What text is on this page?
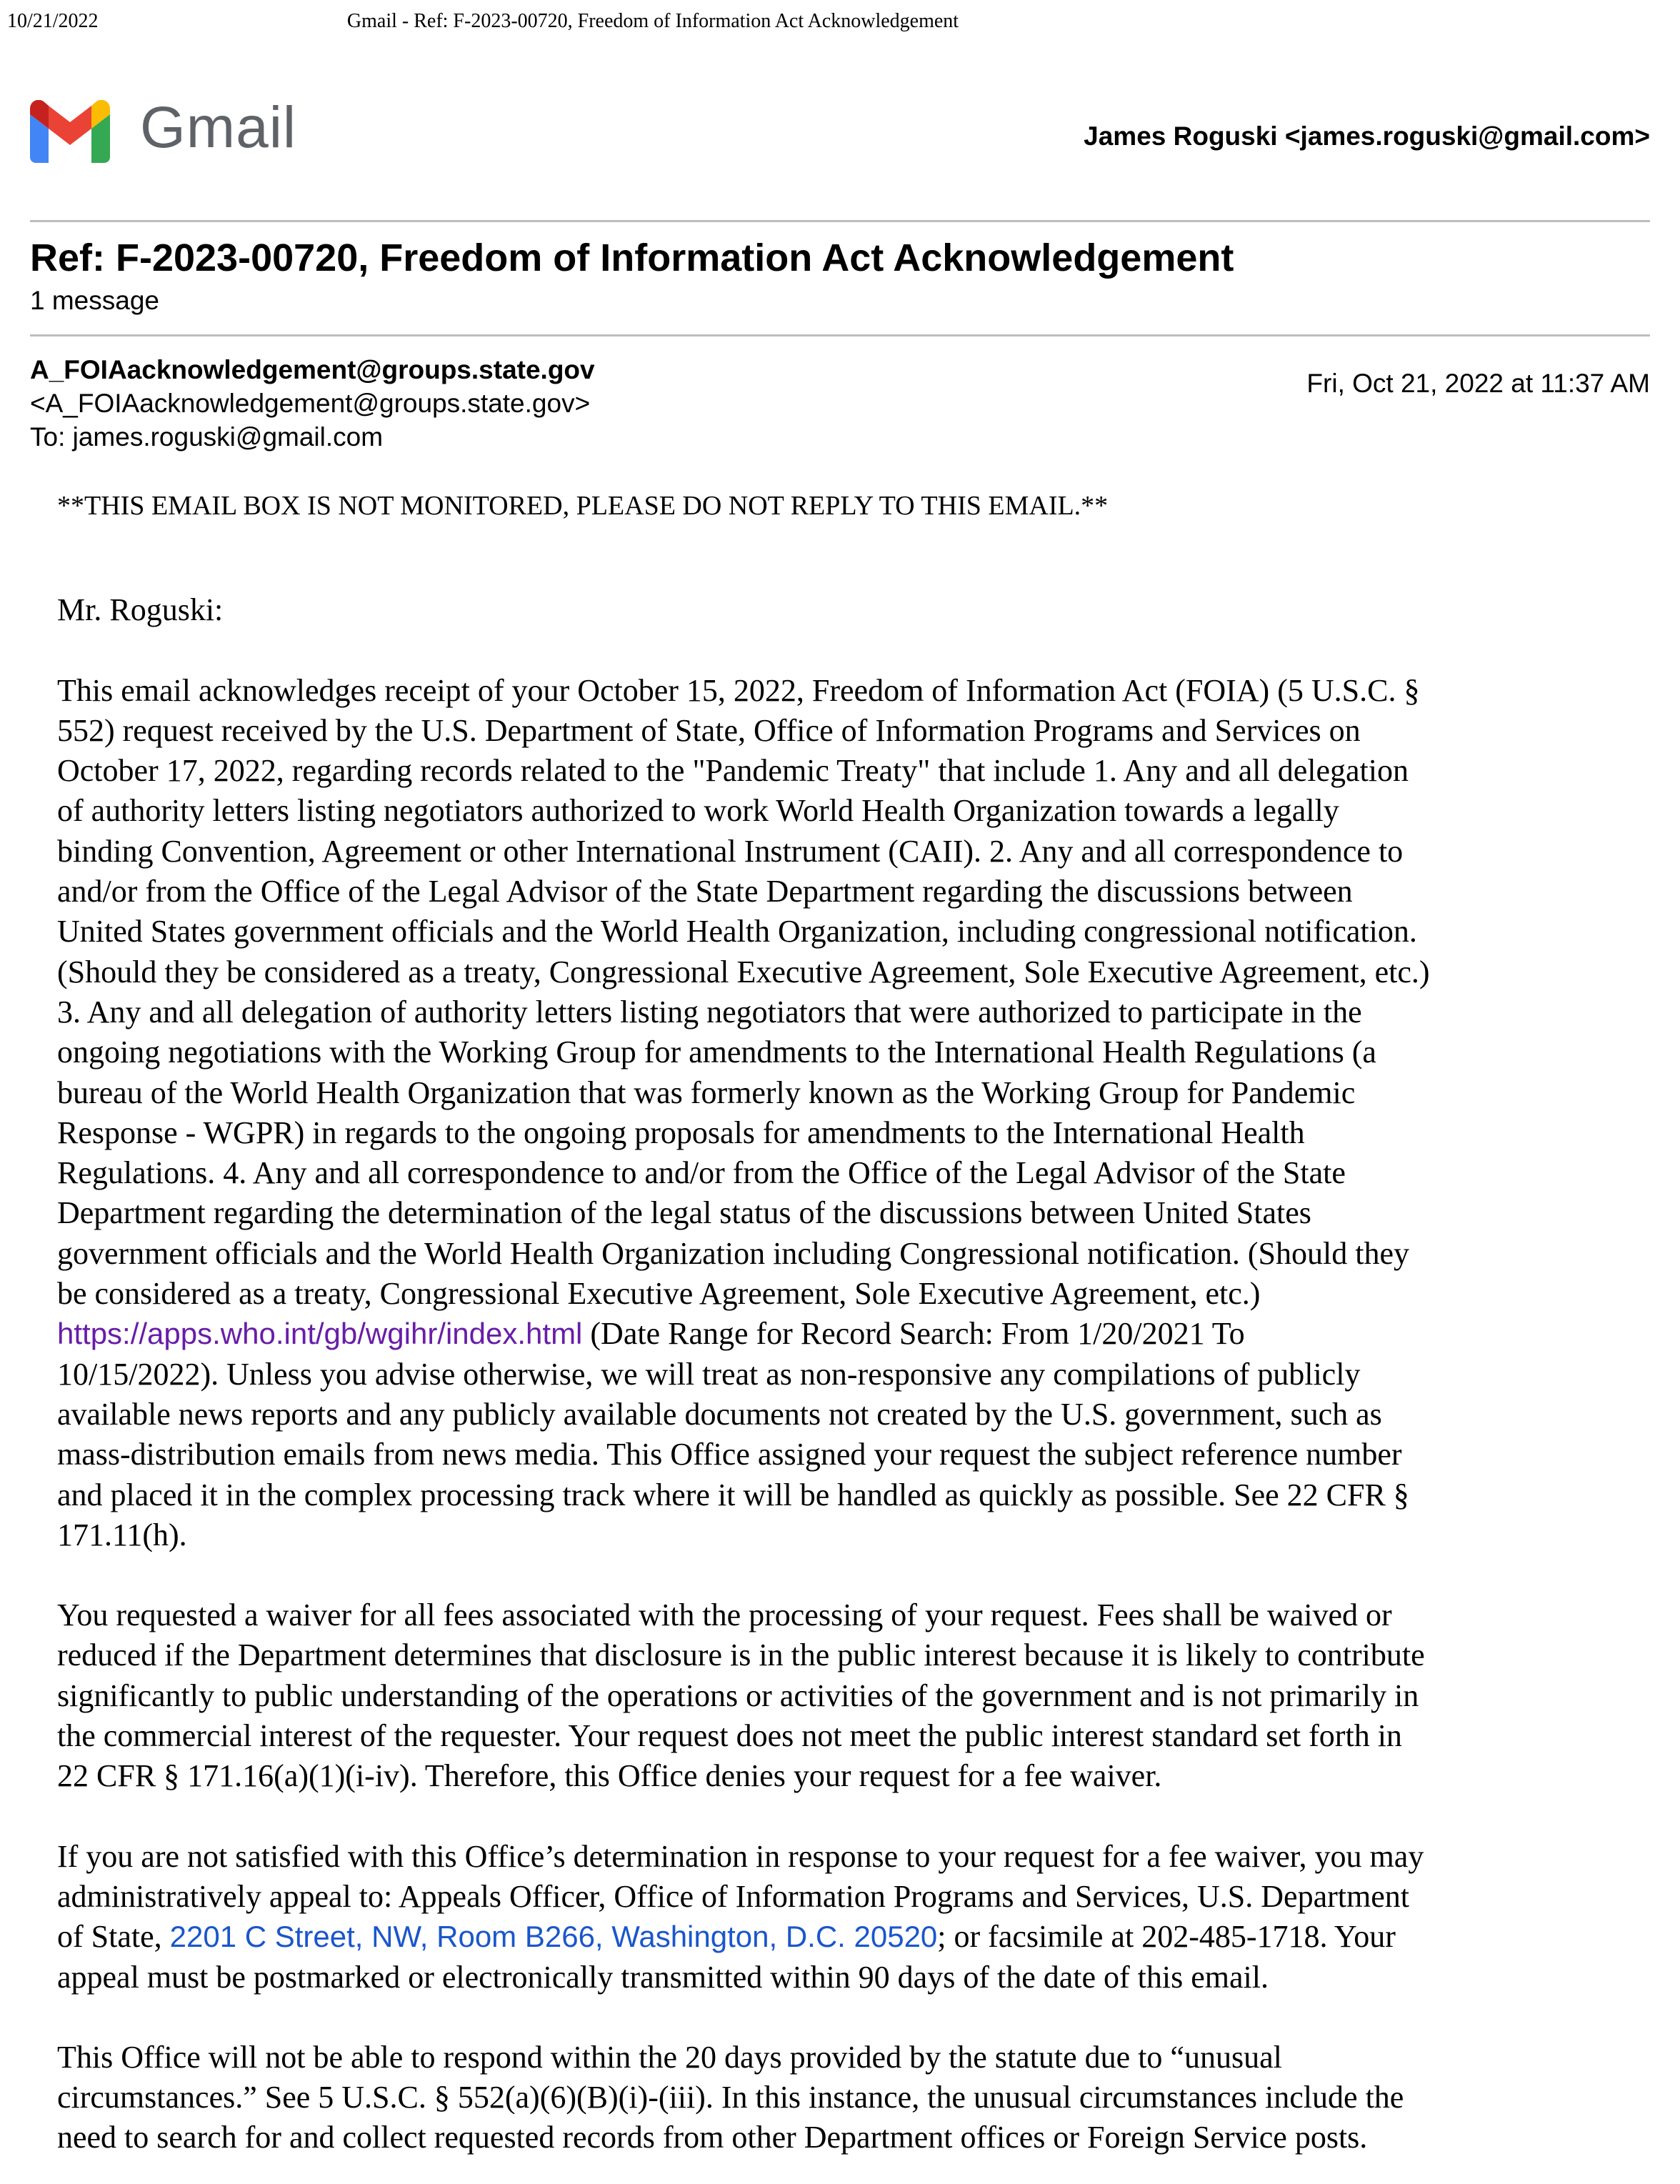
10/21/2022	Gmail - Ref: F-2023-00720, Freedom of Information Act Acknowledgement
Gmail	James Roguski <james.roguski@gmail.com>
Ref: F-2023-00720, Freedom of Information Act Acknowledgement
1 message
A_FOIAacknowledgement@groups.state.gov
<A_FOIAacknowledgement@groups.state.gov>
To: james.roguski@gmail.com
Fri, Oct 21, 2022 at 11:37 AM

**THIS EMAIL BOX IS NOT MONITORED, PLEASE DO NOT REPLY TO THIS EMAIL.**

Mr. Roguski:

This email acknowledges receipt of your October 15, 2022, Freedom of Information Act (FOIA) (5 U.S.C. §
552) request received by the U.S. Department of State, Office of Information Programs and Services on
October 17, 2022, regarding records related to the "Pandemic Treaty" that include 1. Any and all delegation
of authority letters listing negotiators authorized to work World Health Organization towards a legally
binding Convention, Agreement or other International Instrument (CAII). 2. Any and all correspondence to
and/or from the Office of the Legal Advisor of the State Department regarding the discussions between
United States government officials and the World Health Organization, including congressional notification.
(Should they be considered as a treaty, Congressional Executive Agreement, Sole Executive Agreement, etc.)
3. Any and all delegation of authority letters listing negotiators that were authorized to participate in the
ongoing negotiations with the Working Group for amendments to the International Health Regulations (a
bureau of the World Health Organization that was formerly known as the Working Group for Pandemic
Response - WGPR) in regards to the ongoing proposals for amendments to the International Health
Regulations. 4. Any and all correspondence to and/or from the Office of the Legal Advisor of the State
Department regarding the determination of the legal status of the discussions between United States
government officials and the World Health Organization including Congressional notification. (Should they
be considered as a treaty, Congressional Executive Agreement, Sole Executive Agreement, etc.)
https://apps.who.int/gb/wgihr/index.html (Date Range for Record Search: From 1/20/2021 To
10/15/2022). Unless you advise otherwise, we will treat as non-responsive any compilations of publicly
available news reports and any publicly available documents not created by the U.S. government, such as
mass-distribution emails from news media. This Office assigned your request the subject reference number
and placed it in the complex processing track where it will be handled as quickly as possible. See 22 CFR §
171.11(h).

You requested a waiver for all fees associated with the processing of your request. Fees shall be waived or
reduced if the Department determines that disclosure is in the public interest because it is likely to contribute
significantly to public understanding of the operations or activities of the government and is not primarily in
the commercial interest of the requester. Your request does not meet the public interest standard set forth in
22 CFR § 171.16(a)(1)(i-iv). Therefore, this Office denies your request for a fee waiver.

If you are not satisfied with this Office’s determination in response to your request for a fee waiver, you may
administratively appeal to: Appeals Officer, Office of Information Programs and Services, U.S. Department
of State, 2201 C Street, NW, Room B266, Washington, D.C. 20520; or facsimile at 202-485-1718. Your
appeal must be postmarked or electronically transmitted within 90 days of the date of this email.

This Office will not be able to respond within the 20 days provided by the statute due to “unusual
circumstances.” See 5 U.S.C. § 552(a)(6)(B)(i)-(iii). In this instance, the unusual circumstances include the
need to search for and collect requested records from other Department offices or Foreign Service posts.
